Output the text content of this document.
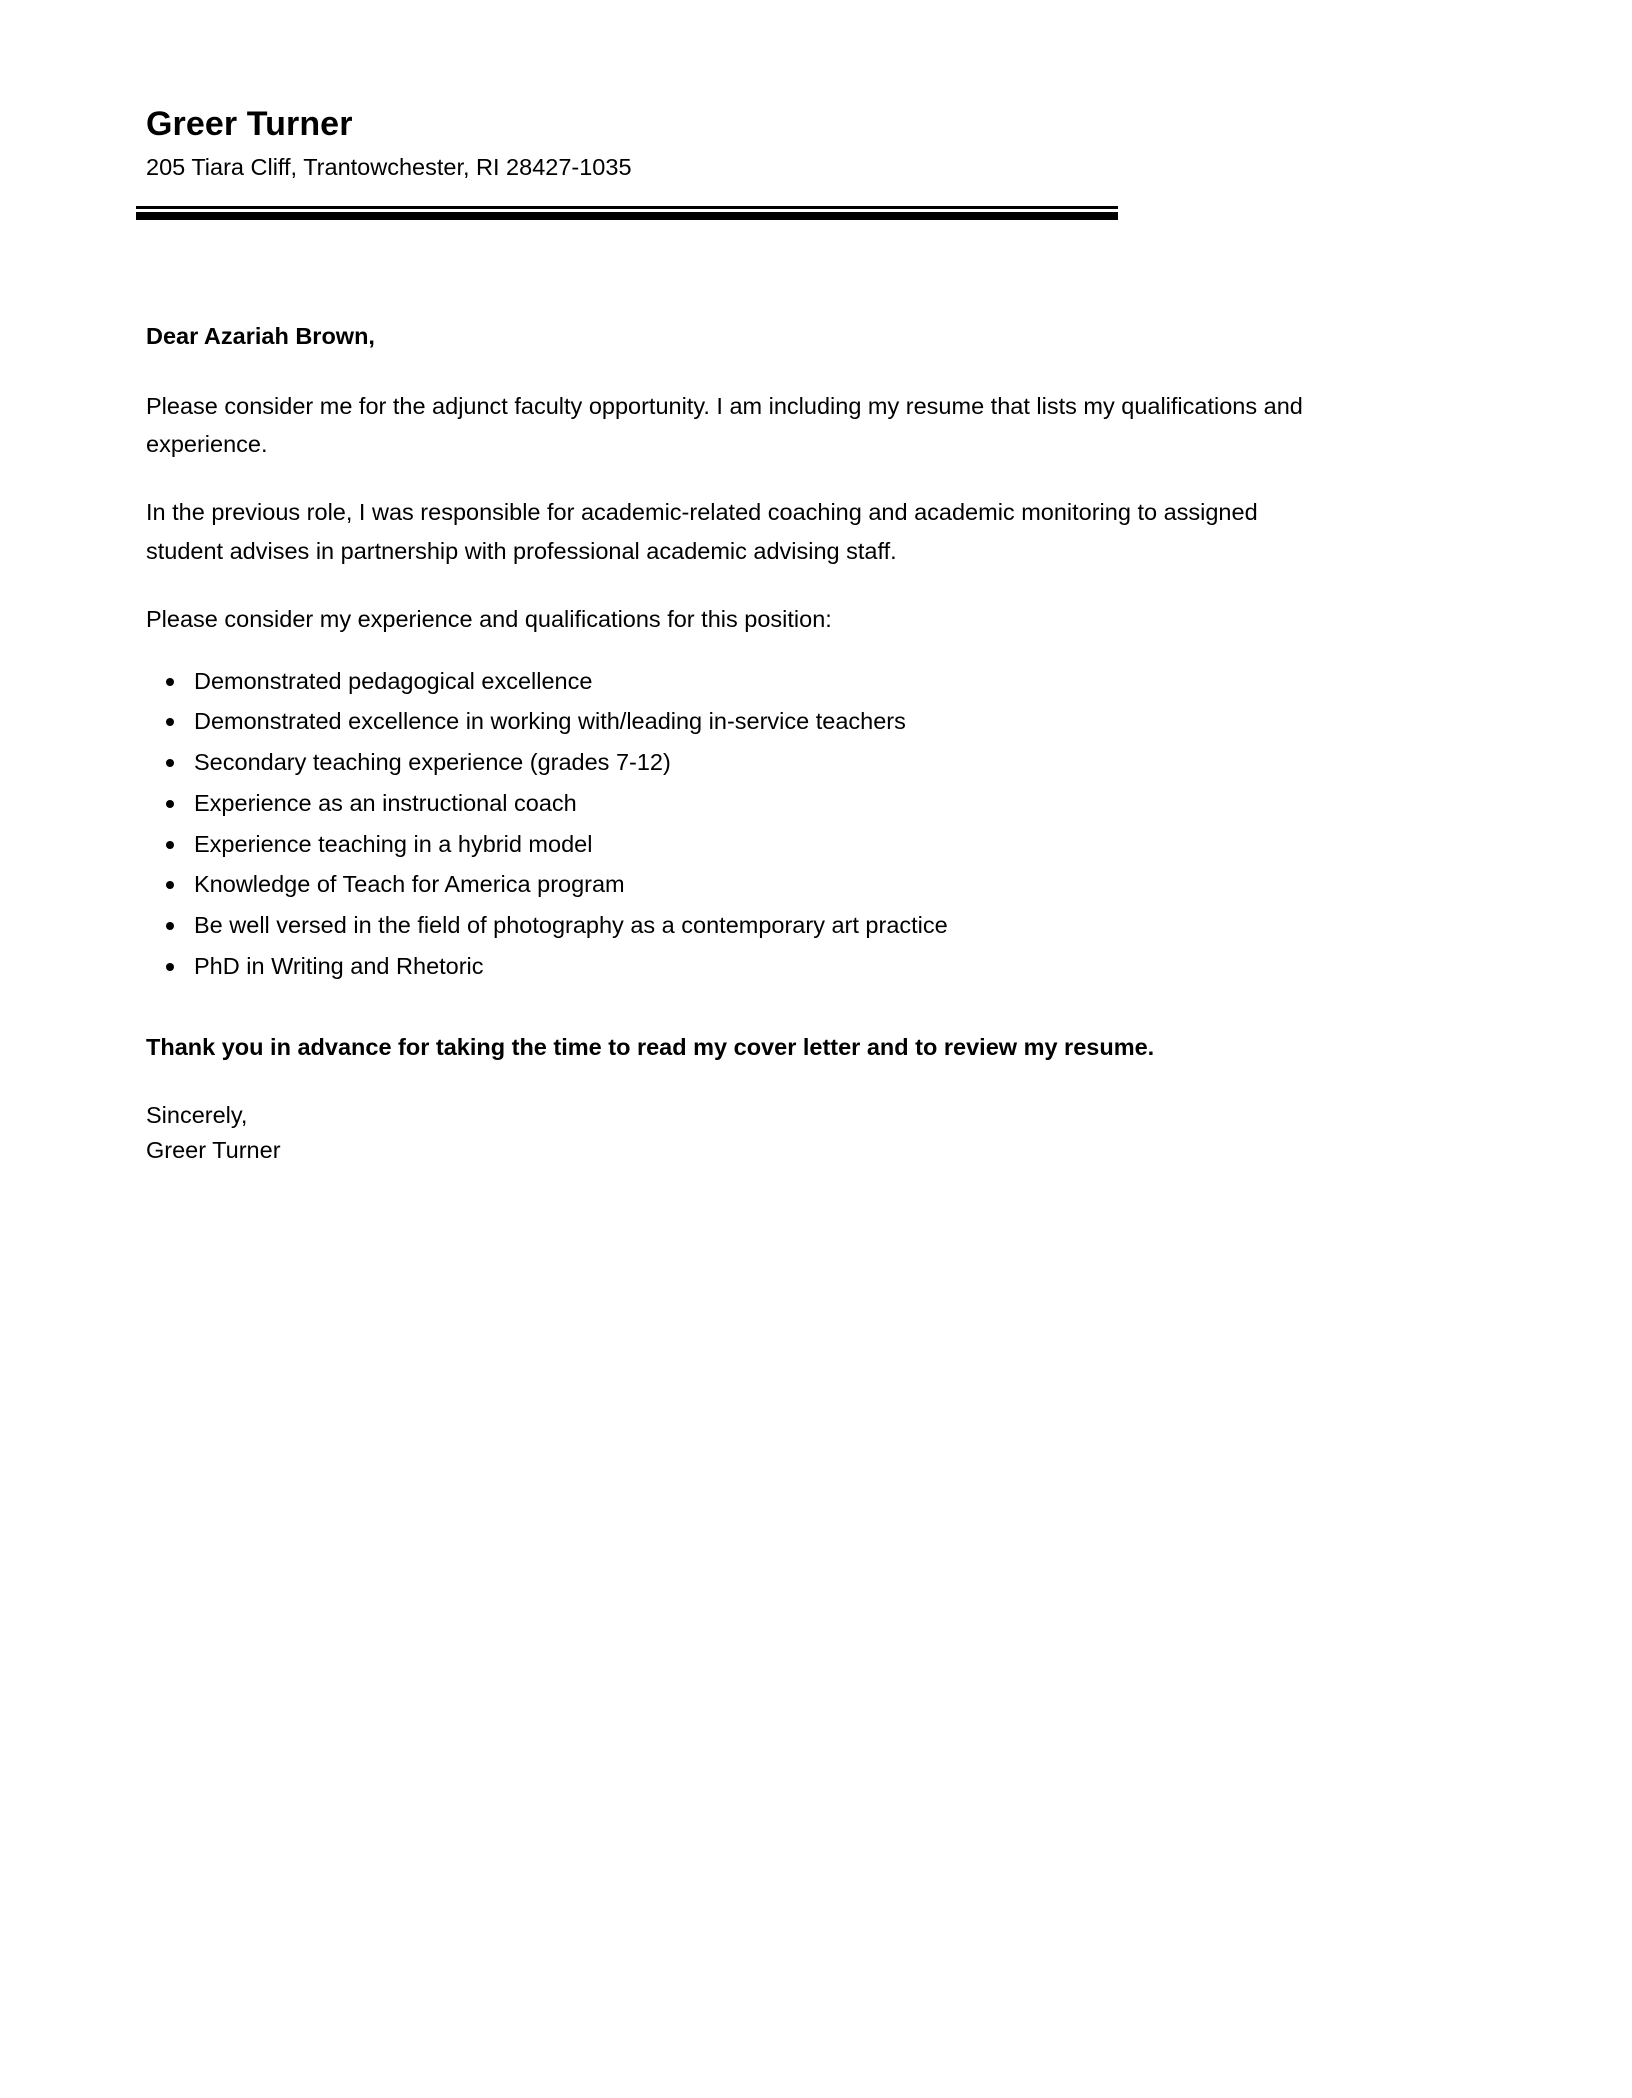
Greer Turner
205 Tiara Cliff, Trantowchester, RI 28427-1035

Dear Azariah Brown,

Please consider me for the adjunct faculty opportunity. I am including my resume that lists my qualifications and experience.

In the previous role, I was responsible for academic-related coaching and academic monitoring to assigned student advises in partnership with professional academic advising staff.

Please consider my experience and qualifications for this position:

Demonstrated pedagogical excellence
Demonstrated excellence in working with/leading in-service teachers
Secondary teaching experience (grades 7-12)
Experience as an instructional coach
Experience teaching in a hybrid model
Knowledge of Teach for America program
Be well versed in the field of photography as a contemporary art practice
PhD in Writing and Rhetoric

Thank you in advance for taking the time to read my cover letter and to review my resume.

Sincerely,
Greer Turner
